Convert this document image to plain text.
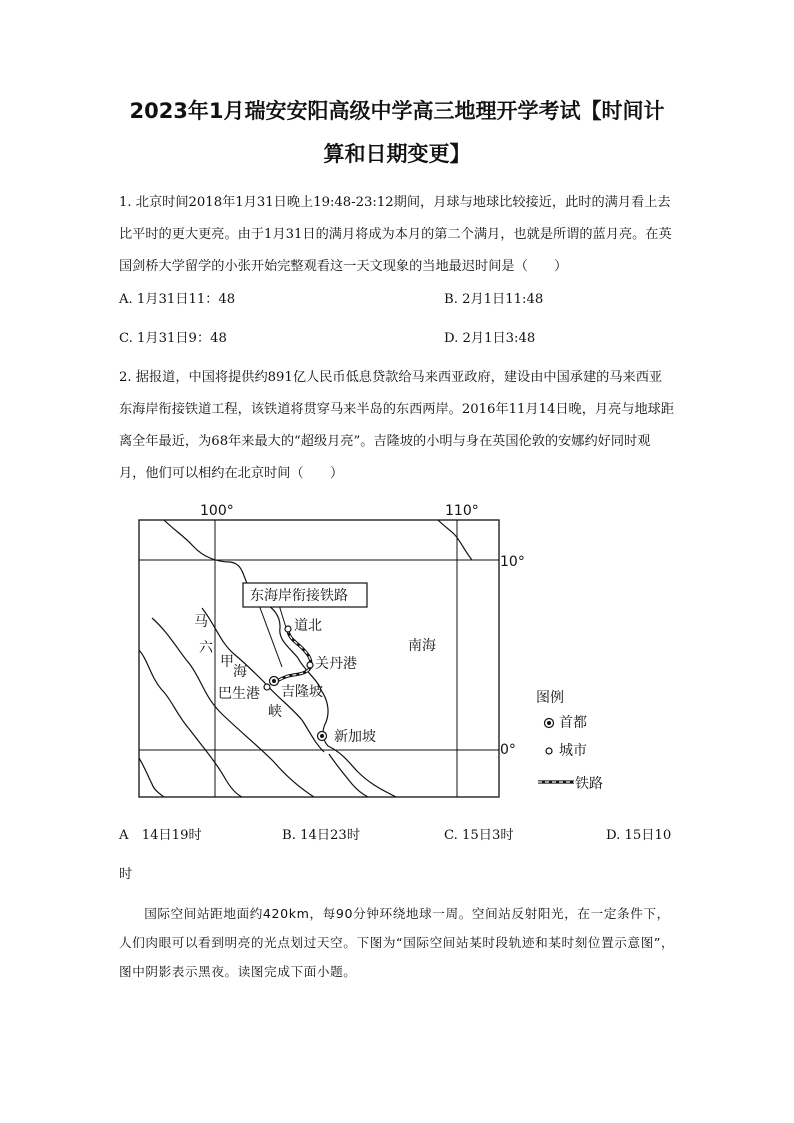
2023年1月瑞安安阳高级中学高三地理开学考试【时间计
算和日期变更】
1. 北京时间2018年1月31日晚上19:48-23:12期间，月球与地球比较接近，此时的满月看上去比平时的更大更亮。由于1月31日的满月将成为本月的第二个满月，也就是所谓的蓝月亮。在英国剑桥大学留学的小张开始完整观看这一天文现象的当地最迟时间是（　　）
A. 1月31日11：48	B. 2月1日11:48
C. 1月31日9：48	D. 2月1日3:48
2. 据报道，中国将提供约891亿人民币低息贷款给马来西亚政府，建设由中国承建的马来西亚东海岸衔接铁道工程，该铁道将贯穿马来半岛的东西两岸。2016年11月14日晚，月亮与地球距离全年最近，为68年来最大的“超级月亮”。吉隆坡的小明与身在英国伦敦的安娜约好同时观月，他们可以相约在北京时间（　　）
100°	110°
10°
0°
东海岸衔接铁路
马
六
甲
海
峡
道北
关丹港
巴生港 吉隆坡
新加坡
南海
图例
首都
城市
铁路
A　14日19时	B. 14日23时	C. 15日3时	D. 15日10
时
国际空间站距地面约420km，每90分钟环绕地球一周。空间站反射阳光，在一定条件下，人们肉眼可以看到明亮的光点划过天空。下图为“国际空间站某时段轨迹和某时刻位置示意图”，图中阴影表示黑夜。读图完成下面小题。
